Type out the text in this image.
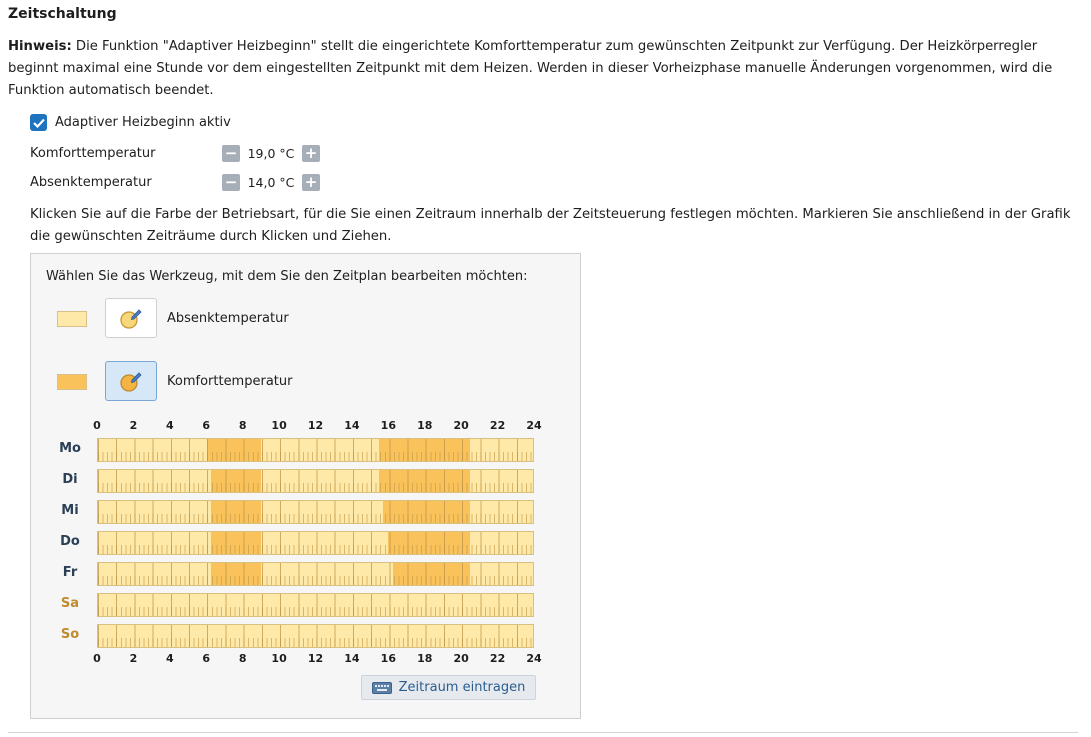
Zeitschaltung
Hinweis: Die Funktion "Adaptiver Heizbeginn" stellt die eingerichtete Komforttemperatur zum gewünschten Zeitpunkt zur Verfügung. Der Heizkörperregler beginnt maximal eine Stunde vor dem eingestellten Zeitpunkt mit dem Heizen. Werden in dieser Vorheizphase manuelle Änderungen vorgenommen, wird die Funktion automatisch beendet.
Adaptiver Heizbeginn aktiv
Komforttemperatur	− 19,0 °C +
Absenktemperatur	− 14,0 °C +
Klicken Sie auf die Farbe der Betriebsart, für die Sie einen Zeitraum innerhalb der Zeitsteuerung festlegen möchten. Markieren Sie anschließend in der Grafik die gewünschten Zeiträume durch Klicken und Ziehen.
Wählen Sie das Werkzeug, mit dem Sie den Zeitplan bearbeiten möchten:
Absenktemperatur
Komforttemperatur
0	2	4	6	8 10 12 14 16 18 20 22 24
Mo
Di
Mi
Do
Fr
Sa
So
0	2	4	6	8 10 12 14 16 18 20 22 24
Zeitraum eintragen
